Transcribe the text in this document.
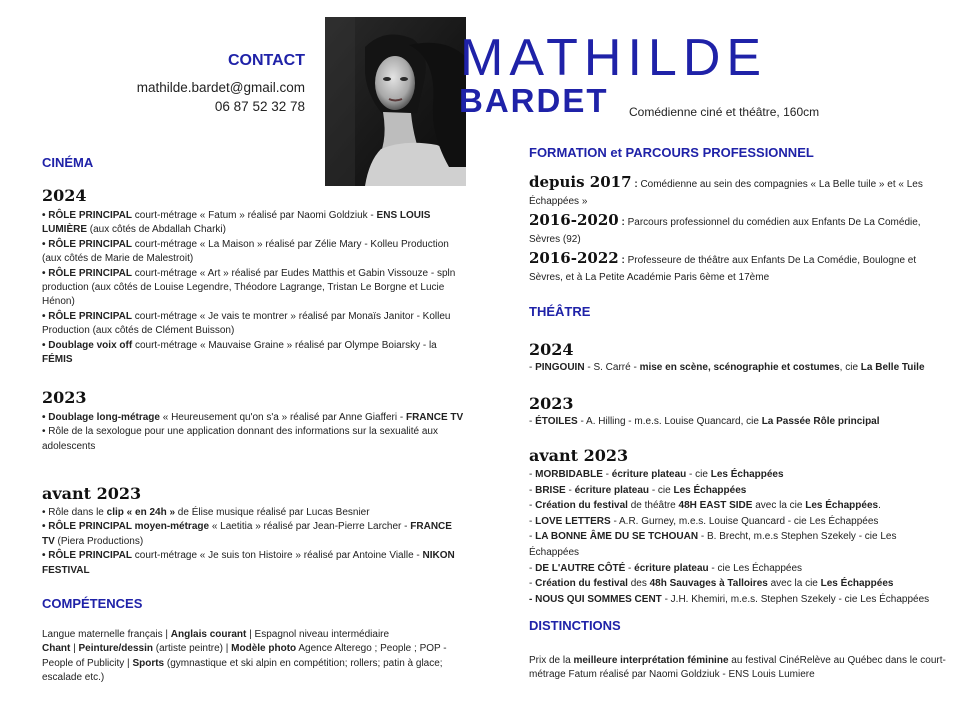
CONTACT
mathilde.bardet@gmail.com
06 87 52 32 78
MATHILDE
BARDET Comédienne ciné et théâtre, 160cm
CINÉMA
2024

• RÔLE PRINCIPAL court-métrage « Fatum » réalisé par Naomi Goldziuk - ENS LOUIS LUMIÈRE (aux côtés de Abdallah Charki)

• RÔLE PRINCIPAL court-métrage « La Maison » réalisé par Zélie Mary - Kolleu Production (aux côtés de Marie de Malestroit)

• RÔLE PRINCIPAL court-métrage « Art » réalisé par Eudes Matthis et Gabin Vissouze - spln production (aux côtés de Louise Legendre, Théodore Lagrange, Tristan Le Borgne et Lucie Hénon)

• RÔLE PRINCIPAL court-métrage « Je vais te montrer » réalisé par Monaïs Janitor - Kolleu Production (aux côtés de Clément Buisson)

• Doublage voix off court-métrage « Mauvaise Graine » réalisé par Olympe Boiarsky - la FÉMIS

2023

• Doublage long-métrage « Heureusement qu'on s'a » réalisé par Anne Giafferi - FRANCE TV

• Rôle de la sexologue pour une application donnant des informations sur la sexualité aux adolescents

avant 2023

• Rôle dans le clip « en 24h » de Élise musique réalisé par Lucas Besnier

• RÔLE PRINCIPAL moyen-métrage « Laetitia » réalisé par Jean-Pierre Larcher - FRANCE TV (Piera Productions)

• RÔLE PRINCIPAL court-métrage « Je suis ton Histoire » réalisé par Antoine Vialle - NIKON FESTIVAL

COMPÉTENCES

Langue maternelle français | Anglais courant | Espagnol niveau intermédiaire

Chant | Peinture/dessin (artiste peintre) | Modèle photo Agence Alterego ; People ; POP - People of Publicity | Sports (gymnastique et ski alpin en compétition; rollers; patin à glace; escalade etc.)

FORMATION et PARCOURS PROFESSIONNEL
depuis 2017 : Comédienne au sein des compagnies « La Belle tuile » et « Les Échappées »
2016-2020 : Parcours professionnel du comédien aux Enfants De La Comédie, Sèvres (92)
2016-2022 : Professeure de théâtre aux Enfants De La Comédie, Boulogne et Sèvres, et à La Petite Académie Paris 6ème et 17ème
THÉÂTRE
2024

- PINGOUIN - S. Carré - mise en scène, scénographie et costumes, cie La Belle Tuile

2023

- ÉTOILES - A. Hilling - m.e.s. Louise Quancard, cie La Passée Rôle principal

avant 2023

- MORBIDABLE - écriture plateau - cie Les Échappées

- BRISE - écriture plateau - cie Les Échappées

- Création du festival de théâtre 48H EAST SIDE avec la cie Les Échappées.

- LOVE LETTERS - A.R. Gurney, m.e.s. Louise Quancard - cie Les Échappées

- LA BONNE ÂME DU SE TCHOUAN - B. Brecht, m.e.s Stephen Szekely - cie Les Échappées

- DE L'AUTRE CÔTÉ - écriture plateau - cie Les Échappées

- Création du festival des 48h Sauvages à Talloires avec la cie Les Échappées

- NOUS QUI SOMMES CENT - J.H. Khemiri, m.e.s. Stephen Szekely - cie Les Échappées

DISTINCTIONS

Prix de la meilleure interprétation féminine au festival CinéRelève au Québec dans le court-métrage Fatum réalisé par Naomi Goldziuk - ENS Louis Lumiere
